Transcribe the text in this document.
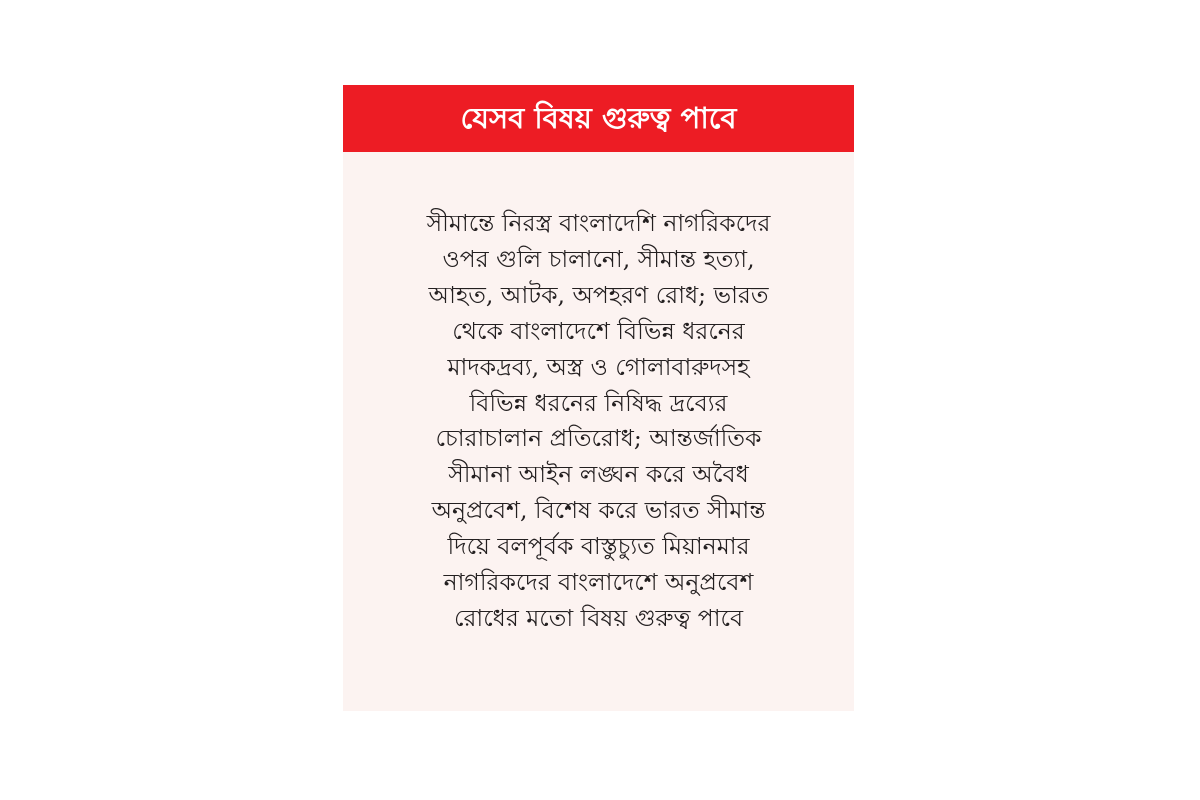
যেসব বিষয় গুরুত্ব পাবে
সীমান্তে নিরস্ত্র বাংলাদেশি নাগরিকদের
ওপর গুলি চালানো, সীমান্ত হত্যা,
আহত, আটক, অপহরণ রোধ; ভারত
থেকে বাংলাদেশে বিভিন্ন ধরনের
মাদকদ্রব্য, অস্ত্র ও গোলাবারুদসহ
বিভিন্ন ধরনের নিষিদ্ধ দ্রব্যের
চোরাচালান প্রতিরোধ; আন্তর্জাতিক
সীমানা আইন লঙ্ঘন করে অবৈধ
অনুপ্রবেশ, বিশেষ করে ভারত সীমান্ত
দিয়ে বলপূর্বক বাস্তুচ্যুত মিয়ানমার
নাগরিকদের বাংলাদেশে অনুপ্রবেশ
রোধের মতো বিষয় গুরুত্ব পাবে
